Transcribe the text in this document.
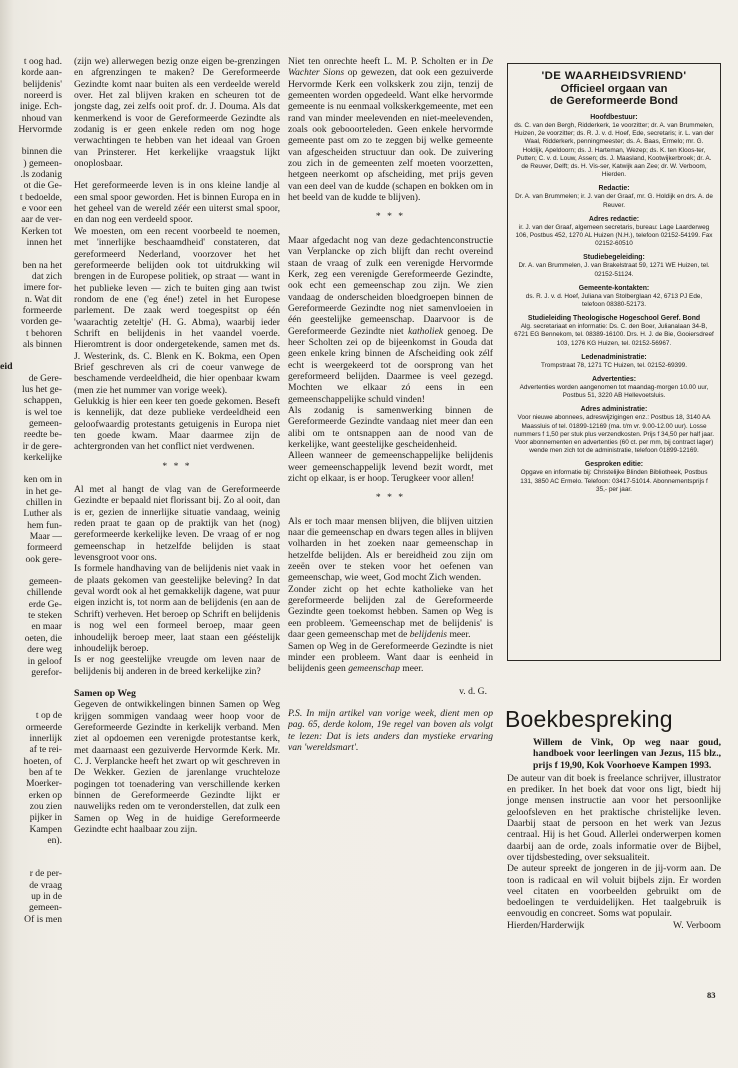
t oog had.
korde aan-
belijdenis'
noreerd is
inige. Ech-
nhoud van
Hervormde
binnen die
) gemeen-
.ls zodanig
ot die Ge-
t bedoelde,
e voor een
aar de ver-
Kerken tot
innen het
ben na het
dat zich
imere for-
n. Wat dit
formeerde
vorden ge-
t behoren
als binnen
eid
de Gere-
lus het ge-
schappen,
is wel toe
gemeen-
reedte be-
ir de gere-
kerkelijke
ken om in
in het ge-
chillen in
Luther als
hem fun-
Maar —
formeerd
ook gere-
gemeen-
chillende
erde Ge-
te steken
en maar
oeten, die
dere weg
in geloof
gerefor-
t op de
ormeerde
innerlijk
af te rei-
hoeten, of
ben af te
Moerker-
erken op
zou zien
pijker in
Kampen
en).
r de per-
de vraag
up in de
gemeen-
Of is men

(zijn we) allerwegen bezig onze eigen be-grenzingen en afgrenzingen te maken? De Gereformeerde Gezindte komt naar buiten als een verdeelde wereld over. Het zal blijven kraken en scheuren tot de jongste dag, zei zelfs ooit prof. dr. J. Douma. Als dat kenmerkend is voor de Gereformeerde Gezindte als zodanig is er geen enkele reden om nog hoge verwachtingen te hebben van het ideaal van Groen van Prinsterer. Het kerkelijke vraagstuk lijkt onoplosbaar.

Het gereformeerde leven is in ons kleine landje al een smal spoor geworden. Het is binnen Europa en in het geheel van de wereld zéér een uiterst smal spoor, en dan nog een verdeeld spoor.

We moesten, om een recent voorbeeld te noemen, met 'innerlijke beschaamdheid' constateren, dat gereformeerd Nederland, voorzover het het gereformeerde belijden ook tot uitdrukking wil brengen in de Europese politiek, op straat — want in het publieke leven — zich te buiten ging aan twist rondom de ene ('eg éne!) zetel in het Europese parlement. De zaak werd toegespitst op één 'waarachtig zeteltje' (H. G. Abma), waarbij ieder Schrift en belijdenis in het vaandel voerde. Hieromtrent is door ondergetekende, samen met ds. J. Westerink, ds. C. Blenk en K. Bokma, een Open Brief geschreven als cri de coeur vanwege de beschamende verdeeldheid, die hier openbaar kwam (men zie het nummer van vorige week).

Gelukkig is hier een keer ten goede gekomen. Beseft is kennelijk, dat deze publieke verdeeldheid een geloofwaardig protestants getuigenis in Europa niet ten goede kwam. Maar daarmee zijn de achtergronden van het conflict niet verdwenen.

* * *

Al met al hangt de vlag van de Gereformeerde Gezindte er bepaald niet florissant bij. Zo al ooit, dan is er, gezien de innerlijke situatie vandaag, weinig reden praat te gaan op de praktijk van het (nog) gereformeerde kerkelijke leven. De vraag of er nog gemeenschap in hetzelfde belijden is staat levensgroot voor ons.

Is formele handhaving van de belijdenis niet vaak in de plaats gekomen van geestelijke beleving? In dat geval wordt ook al het gemakkelijk dagene, wat puur eigen inzicht is, tot norm aan de belijdenis (en aan de Schrift) verheven. Het beroep op Schrift en belijdenis is nog wel een formeel beroep, maar geen inhoudelijk beroep meer, laat staan een gééstelijk inhoudelijk beroep.

Is er nog geestelijke vreugde om leven naar de belijdenis bij anderen in de breed kerkelijke zin?

Samen op Weg

Gegeven de ontwikkelingen binnen Samen op Weg krijgen sommigen vandaag weer hoop voor de Gereformeerde Gezindte in kerkelijk verband. Men ziet al opdoemen een verenigde protestantse kerk, met daarnaast een gezuiverde Hervormde Kerk. Mr. C. J. Verplancke heeft het zwart op wit geschreven in De Wekker. Gezien de jarenlange vruchteloze pogingen tot toenadering van verschillende kerken binnen de Gereformeerde Gezindte lijkt er nauwelijks reden om te veronderstellen, dat zulk een Samen op Weg in de huidige Gereformeerde Gezindte echt haalbaar zou zijn.

Niet ten onrechte heeft L. M. P. Scholten er in De Wachter Sions op gewezen, dat ook een gezuiverde Hervormde Kerk een volkskerk zou zijn, tenzij de gemeenten worden opgedeeld. Want elke hervormde gemeente is nu eenmaal volkskerkgemeente, met een rand van minder meelevenden en niet-meelevenden, zoals ook gebooorteleden. Geen enkele hervormde gemeente past om zo te zeggen bij welke gemeente van afgescheiden structuur dan ook. De zuivering zou zich in de gemeenten zelf moeten voorzetten, hetgeen neerkomt op afscheiding, met prijs geven van een deel van de kudde (schapen en bokken om in het beeld van de kudde te blijven).

* * *

Maar afgedacht nog van deze gedachtenconstructie van Verplancke op zich blijft dan recht overeind staan de vraag of zulk een verenigde Hervormde Kerk, zeg een verenigde Gereformeerde Gezindte, ook echt een gemeenschap zou zijn. We zien vandaag de onderscheiden bloedgroepen binnen de Gereformeerde Gezindte nog niet samenvloeien in één geestelijke gemeenschap. Daarvoor is de Gereformeerde Gezindte niet katholiek genoeg. De heer Scholten zei op de bijeenkomst in Gouda dat geen enkele kring binnen de Afscheiding ook zélf echt is weergekeerd tot de oorsprong van het gereformeerd belijden. Daarmee is veel gezegd. Mochten we elkaar zó eens in een gemeenschappelijke schuld vinden!

Als zodanig is samenwerking binnen de Gereformeerde Gezindte vandaag niet meer dan een alibi om te ontsnappen aan de nood van de kerkelijke, want geestelijke gescheidenheid.

Alleen wanneer de gemeenschappelijke belijdenis weer gemeenschappelijk levend bezit wordt, met zicht op elkaar, is er hoop. Terugkeer voor allen!

* * *

Als er toch maar mensen blijven, die blijven uitzien naar die gemeenschap en dwars tegen alles in blijven volharden in het zoeken naar gemeenschap in hetzelfde belijden. Als er bereidheid zou zijn om zeeën over te steken voor het oefenen van gemeenschap, wie weet, God mocht Zich wenden.

Zonder zicht op het echte katholieke van het gereformeerde belijden zal de Gereformeerde Gezindte geen toekomst hebben. Samen op Weg is een probleem. 'Gemeenschap met de belijdenis' is daar geen gemeenschap met de belijdenis meer.

Samen op Weg in de Gereformeerde Gezindte is niet minder een probleem. Want daar is eenheid in belijdenis geen gemeenschap meer.

v. d. G.

P.S. In mijn artikel van vorige week, dient men op pag. 65, derde kolom, 19e regel van boven als volgt te lezen: Dat is iets anders dan mystieke ervaring van 'wereldsmart'.

'DE WAARHEIDSVRIEND'
Officieel orgaan van
de Gereformeerde Bond
Hoofdbestuur:
ds. C. van den Bergh, Ridderkerk, 1e voorzitter; dr. A. van Brummelen, Huizen, 2e voorzitter; ds. R. J. v. d. Hoef, Ede, secretaris; ir. L. van der Waal, Ridderkerk, penningmeester; ds. A. Baas, Ermelo; mr. G. Holdijk, Apeldoorn; ds. J. Harteman, Wezep; ds. K. ten Kloos-ter, Putten; C. v. d. Louw, Assen; ds. J. Maasland, Kootwijkerbroek; dr. A. de Reuver, Delft; ds. H. Vis-ser, Katwijk aan Zee; dr. W. Verboom, Hierden.
Redactie:
Dr. A. van Brummelen; ir. J. van der Graaf, mr. G. Holdijk en drs. A. de Reuver.
Adres redactie:
ir. J. van der Graaf, algemeen secretaris, bureau: Lage Laarderweg 106, Postbus 452, 1270 AL Huizen (N.H.), telefoon 02152-54199. Fax 02152-60510
Studiebegeleiding:
Dr. A. van Brummelen, J. van Brakelstraat 59, 1271 WE Huizen, tel. 02152-51124.
Gemeente-kontakten:
ds. R. J. v. d. Hoef, Juliana van Stolberglaan 42, 6713 PJ Ede, telefoon 08380-52173.
Studieleiding Theologische Hogeschool Geref. Bond
Alg. secretariaat en informatie: Ds. C. den Boer, Julianalaan 34-B, 6721 EG Bennekom, tel. 08389-16100. Drs. H. J. de Bie, Gooiersdreef 103, 1276 KG Huizen, tel. 02152-56967.
Ledenadministratie:
Trompstraat 78, 1271 TC Huizen, tel. 02152-69399.
Advertenties:
Advertenties worden aangenomen tot maandag-morgen 10.00 uur, Postbus 51, 3220 AB Hellevoetsluis.
Adres administratie:
Voor nieuwe abonnees, adreswijzigingen enz.: Postbus 18, 3140 AA Maassluis of tel. 01899-12169 (ma. t/m vr. 9.00-12.00 uur). Losse nummers f 1,50 per stuk plus verzendkosten. Prijs f 34,50 per half jaar. Voor abonnementen en advertenties (60 ct. per mm, bij contract lager) wende men zich tot de administratie, telefoon 01899-12169.
Gesproken editie:
Opgave en informatie bij: Christelijke Blinden Bibliotheek, Postbus 131, 3850 AC Ermelo. Telefoon: 03417-51014. Abonnementsprijs f 35,- per jaar.
Boekbespreking

Willem de Vink, Op weg naar goud, handboek voor leerlingen van Jezus, 115 blz., prijs f 19,90, Kok Voorhoeve Kampen 1993.

De auteur van dit boek is freelance schrijver, illustrator en prediker. In het boek dat voor ons ligt, biedt hij jonge mensen instructie aan voor het persoonlijke geloofsleven en het praktische christelijke leven. Daarbij staat de persoon en het werk van Jezus centraal. Hij is het Goud. Allerlei onderwerpen komen daarbij aan de orde, zoals informatie over de Bijbel, over tijdsbesteding, over seksualiteit.

De auteur spreekt de jongeren in de jij-vorm aan. De toon is radicaal en wil voluit bijbels zijn. Er worden veel citaten en voorbeelden gebruikt om de bedoelingen te verduidelijken. Het taalgebruik is eenvoudig en concreet. Soms wat populair.

Hierden/Harderwijk	W. Verboom
83
